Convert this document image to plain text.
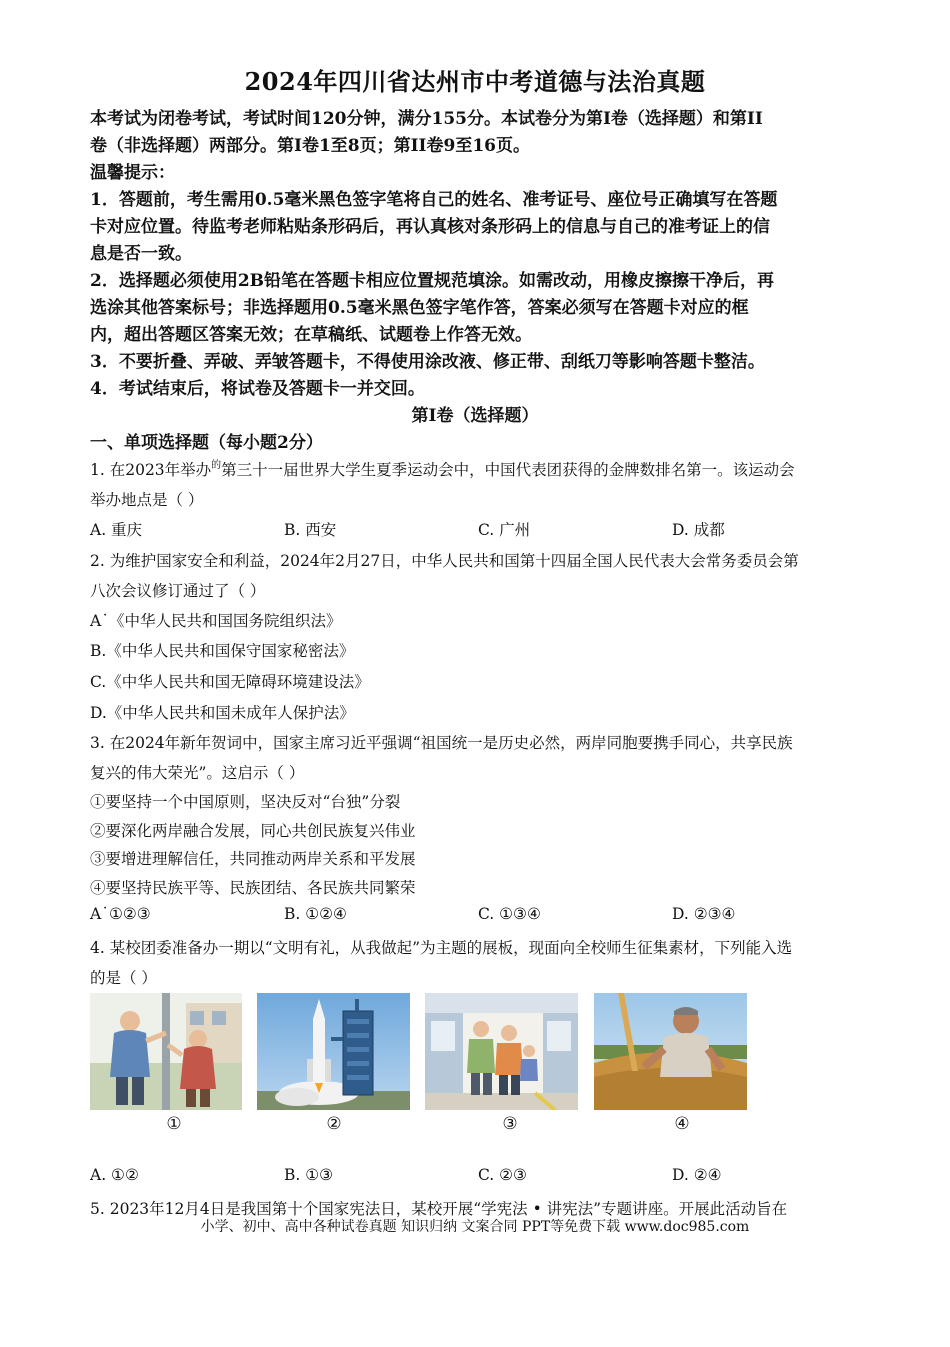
2024年四川省达州市中考道德与法治真题
本考试为闭卷考试，考试时间120分钟，满分155分。本试卷分为第I卷（选择题）和第II
卷（非选择题）两部分。第I卷1至8页；第II卷9至16页。
温馨提示：
1．答题前，考生需用0.5毫米黑色签字笔将自己的姓名、准考证号、座位号正确填写在答题
卡对应位置。待监考老师粘贴条形码后，再认真核对条形码上的信息与自己的准考证上的信
息是否一致。
2．选择题必须使用2B铅笔在答题卡相应位置规范填涂。如需改动，用橡皮擦擦干净后，再
选涂其他答案标号；非选择题用0.5毫米黑色签字笔作答，答案必须写在答题卡对应的框
内，超出答题区答案无效；在草稿纸、试题卷上作答无效。
3．不要折叠、弄破、弄皱答题卡，不得使用涂改液、修正带、刮纸刀等影响答题卡整洁。
4．考试结束后，将试卷及答题卡一并交回。
第Ⅰ卷（选择题）
一、单项选择题（每小题2分）
1. 在2023年举办$^的$第三十一届世界大学生夏季运动会中，中国代表团获得的金牌数排名第一。该运动会
举办地点是（ ）
A. 重庆	B. 西安	C. 广州	D. 成都
2. 为维护国家安全和利益，2024年2月27日，中华人民共和国第十四届全国人民代表大会常务委员会第
八次会议修订通过了（ ）
A˙《中华人民共和国国务院组织法》
B.《中华人民共和国保守国家秘密法》
C.《中华人民共和国无障碍环境建设法》
D.《中华人民共和国未成年人保护法》
3. 在2024年新年贺词中，国家主席习近平强调“祖国统一是历史必然，两岸同胞要携手同心，共享民族
复兴的伟大荣光”。这启示（ ）
①要坚持一个中国原则，坚决反对“台独”分裂
②要深化两岸融合发展，同心共创民族复兴伟业
③要增进理解信任，共同推动两岸关系和平发展
④要坚持民族平等、民族团结、各民族共同繁荣
A˙①②③	B. ①②④	C. ①③④	D. ②③④
4. 某校团委准备办一期以“文明有礼，从我做起”为主题的展板，现面向全校师生征集素材，下列能入选
的是（ ）
①	②	③	④
A. ①②	B. ①③	C. ②③	D. ②④
5. 2023年12月4日是我国第十个国家宪法日，某校开展“学宪法 • 讲宪法”专题讲座。开展此活动旨在
小学、初中、高中各种试卷真题 知识归纳 文案合同 PPT等免费下载 www.doc985.com
